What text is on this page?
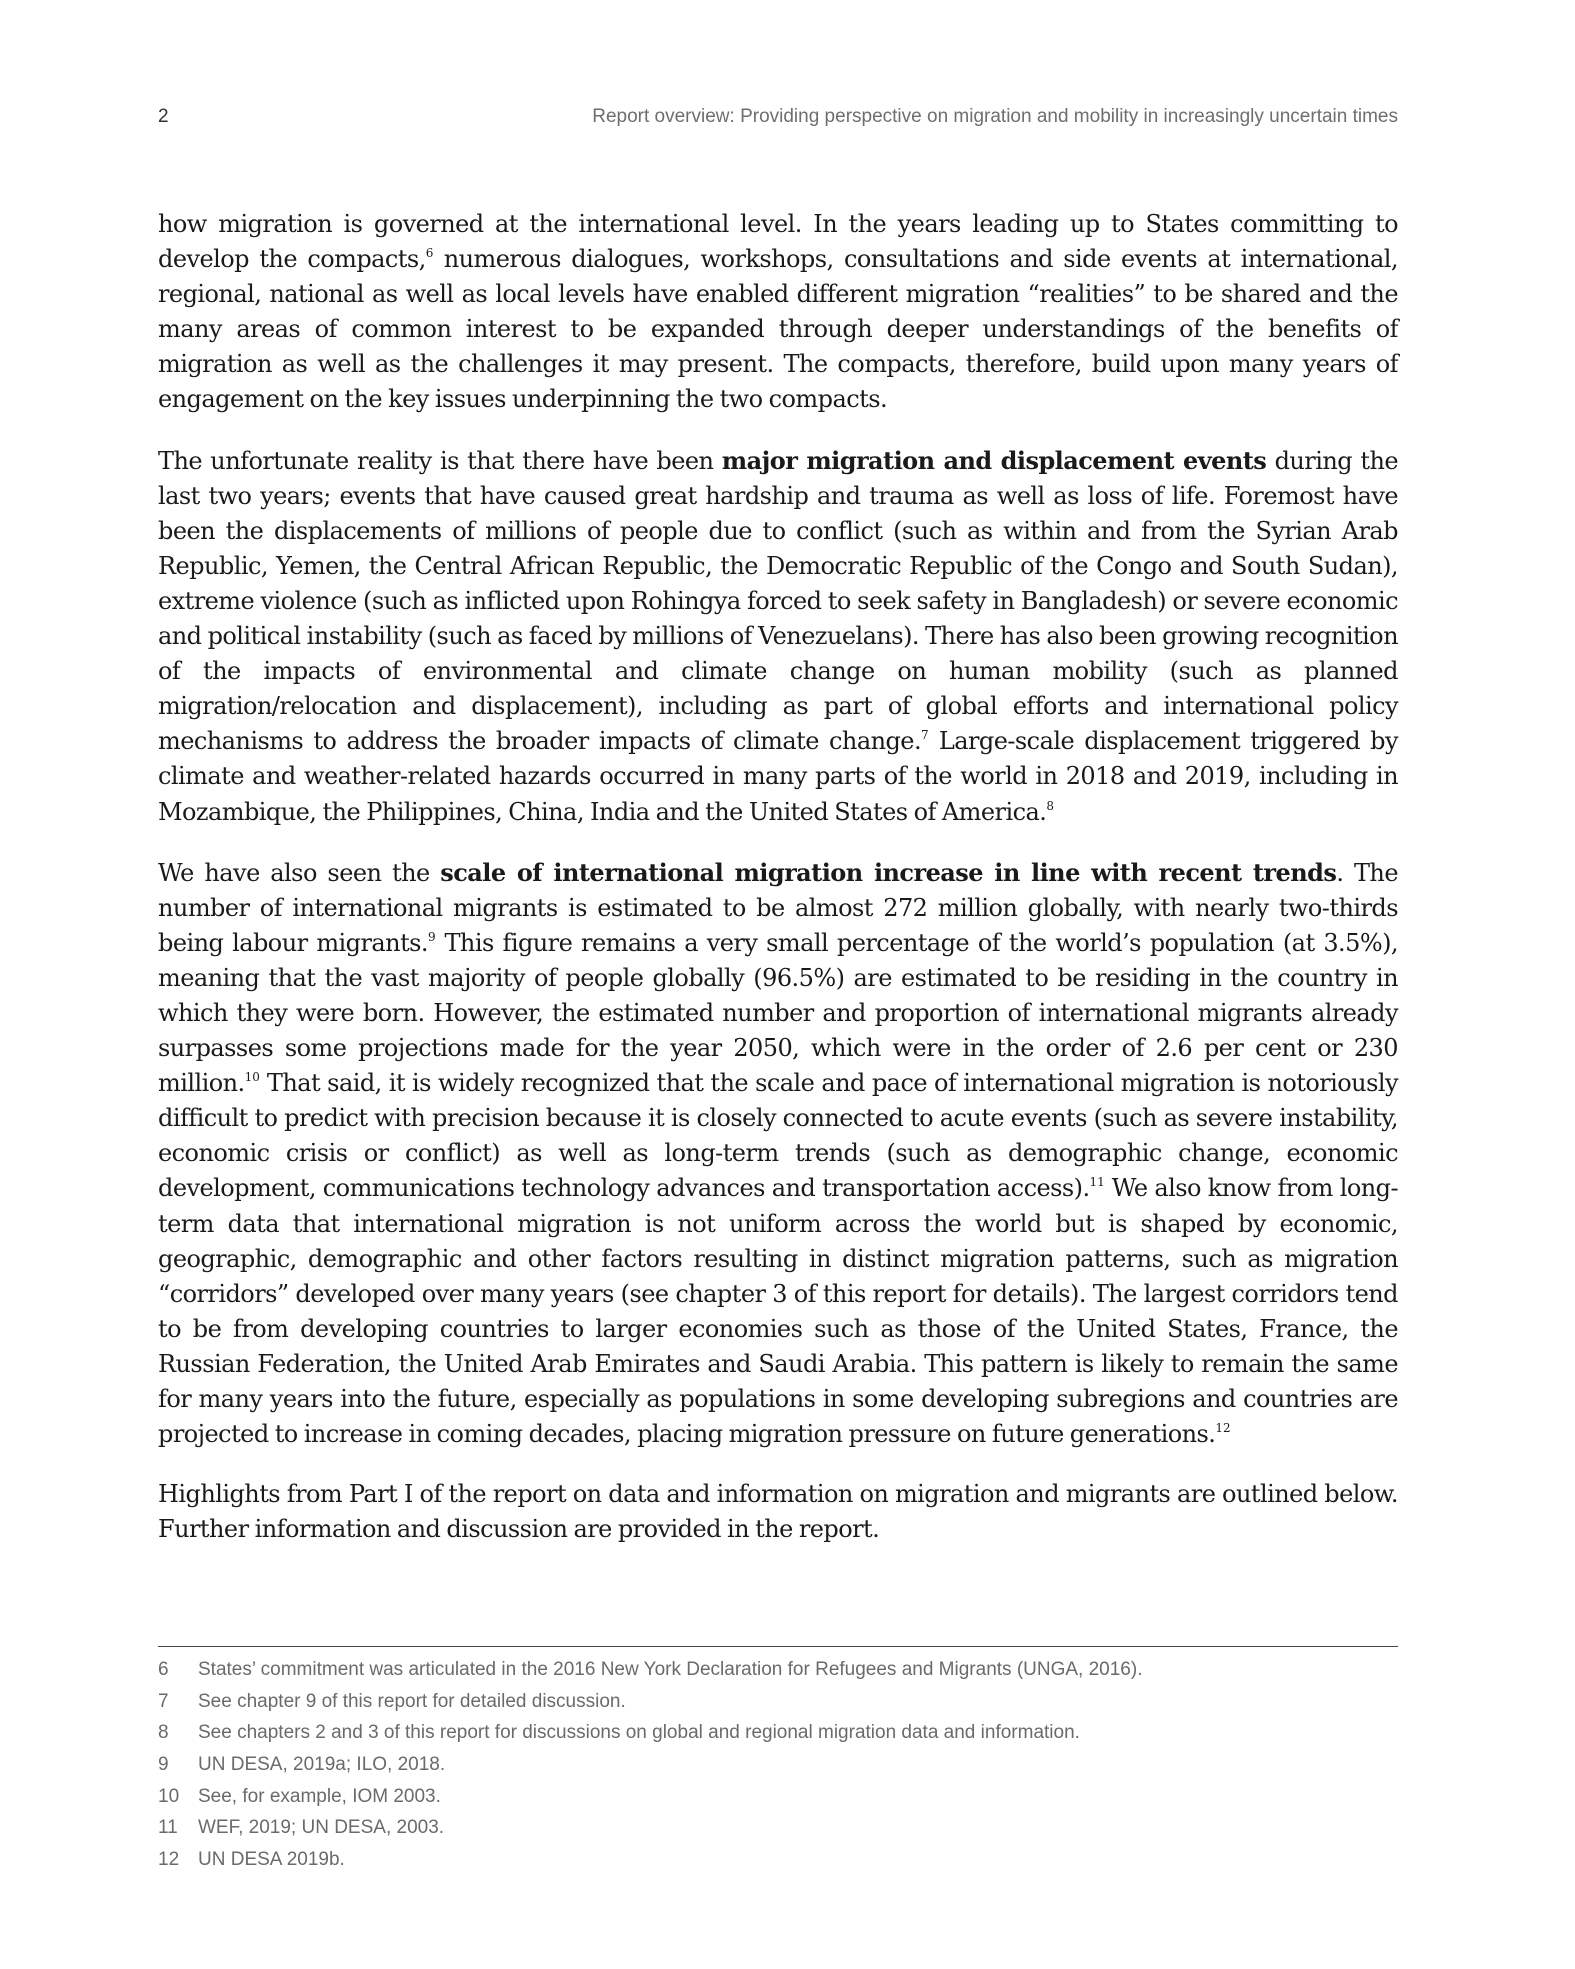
2	Report overview: Providing perspective on migration and mobility in increasingly uncertain times

how migration is governed at the international level. In the years leading up to States committing to develop the compacts,$^6$ numerous dialogues, workshops, consultations and side events at international, regional, national as well as local levels have enabled different migration “realities” to be shared and the many areas of common interest to be expanded through deeper understandings of the benefits of migration as well as the challenges it may present. The compacts, therefore, build upon many years of engagement on the key issues underpinning the two compacts.

The unfortunate reality is that there have been major migration and displacement events during the last two years; events that have caused great hardship and trauma as well as loss of life. Foremost have been the displacements of millions of people due to conflict (such as within and from the Syrian Arab Republic, Yemen, the Central African Republic, the Democratic Republic of the Congo and South Sudan), extreme violence (such as inflicted upon Rohingya forced to seek safety in Bangladesh) or severe economic and political instability (such as faced by millions of Venezuelans). There has also been growing recognition of the impacts of environmental and climate change on human mobility (such as planned migration/relocation and displacement), including as part of global efforts and international policy mechanisms to address the broader impacts of climate change.$^7$ Large-scale displacement triggered by climate and weather-related hazards occurred in many parts of the world in 2018 and 2019, including in Mozambique, the Philippines, China, India and the United States of America.$^8$

We have also seen the scale of international migration increase in line with recent trends. The number of international migrants is estimated to be almost 272 million globally, with nearly two-thirds being labour migrants.$^9$ This figure remains a very small percentage of the world’s population (at 3.5%), meaning that the vast majority of people globally (96.5%) are estimated to be residing in the country in which they were born. However, the estimated number and proportion of international migrants already surpasses some projections made for the year 2050, which were in the order of 2.6 per cent or 230 million.$^{10}$ That said, it is widely recognized that the scale and pace of international migration is notoriously difficult to predict with precision because it is closely connected to acute events (such as severe instability, economic crisis or conflict) as well as long-term trends (such as demographic change, economic development, communications technology advances and transportation access).$^{11}$ We also know from long-term data that international migration is not uniform across the world but is shaped by economic, geographic, demographic and other factors resulting in distinct migration patterns, such as migration “corridors” developed over many years (see chapter 3 of this report for details). The largest corridors tend to be from developing countries to larger economies such as those of the United States, France, the Russian Federation, the United Arab Emirates and Saudi Arabia. This pattern is likely to remain the same for many years into the future, especially as populations in some developing subregions and countries are projected to increase in coming decades, placing migration pressure on future generations.$^{12}$

Highlights from Part I of the report on data and information on migration and migrants are outlined below. Further information and discussion are provided in the report.

6	States’ commitment was articulated in the 2016 New York Declaration for Refugees and Migrants (UNGA, 2016).
7	See chapter 9 of this report for detailed discussion.
8	See chapters 2 and 3 of this report for discussions on global and regional migration data and information.
9	UN DESA, 2019a; ILO, 2018.
10 See, for example, IOM 2003.
11	WEF, 2019; UN DESA, 2003.
12 UN DESA 2019b.
